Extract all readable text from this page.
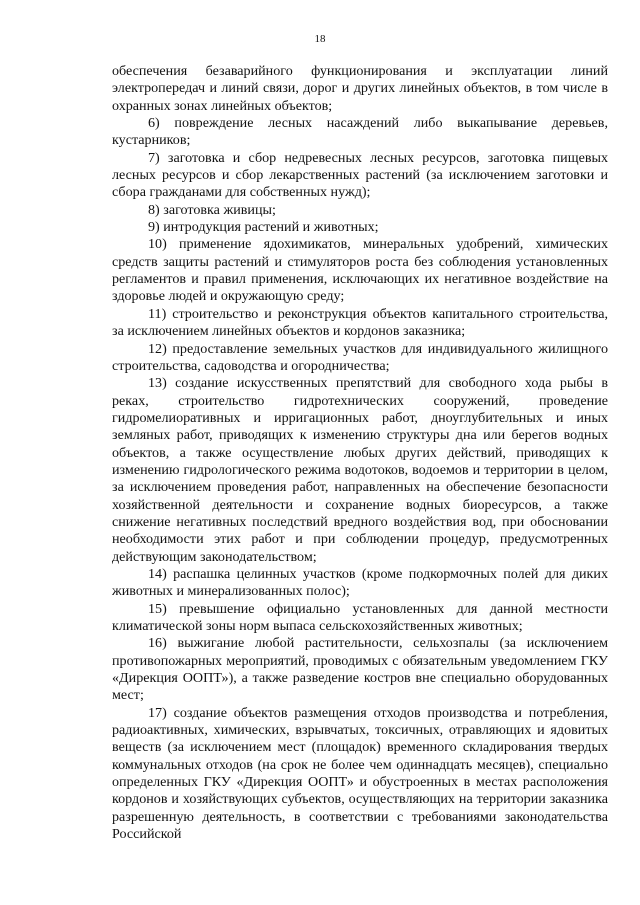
18

обеспечения безаварийного функционирования и эксплуатации линий электропередач и линий связи, дорог и других линейных объектов, в том числе в охранных зонах линейных объектов;

6) повреждение лесных насаждений либо выкапывание деревьев, кустарников;

7) заготовка и сбор недревесных лесных ресурсов, заготовка пищевых лесных ресурсов и сбор лекарственных растений (за исключением заготовки и сбора гражданами для собственных нужд);

8) заготовка живицы;

9) интродукция растений и животных;

10) применение ядохимикатов, минеральных удобрений, химических средств защиты растений и стимуляторов роста без соблюдения установленных регламентов и правил применения, исключающих их негативное воздействие на здоровье людей и окружающую среду;

11) строительство и реконструкция объектов капитального строительства, за исключением линейных объектов и кордонов заказника;

12) предоставление земельных участков для индивидуального жилищного строительства, садоводства и огородничества;

13) создание искусственных препятствий для свободного хода рыбы в реках, строительство гидротехнических сооружений, проведение гидромелиоративных и ирригационных работ, дноуглубительных и иных земляных работ, приводящих к изменению структуры дна или берегов водных объектов, а также осуществление любых других действий, приводящих к изменению гидрологического режима водотоков, водоемов и территории в целом, за исключением проведения работ, направленных на обеспечение безопасности хозяйственной деятельности и сохранение водных биоресурсов, а также снижение негативных последствий вредного воздействия вод, при обосновании необходимости этих работ и при соблюдении процедур, предусмотренных действующим законодательством;

14) распашка целинных участков (кроме подкормочных полей для диких животных и минерализованных полос);

15) превышение официально установленных для данной местности климатической зоны норм выпаса сельскохозяйственных животных;

16) выжигание любой растительности, сельхозпалы (за исключением противопожарных мероприятий, проводимых с обязательным уведомлением ГКУ «Дирекция ООПТ»), а также разведение костров вне специально оборудованных мест;

17) создание объектов размещения отходов производства и потребления, радиоактивных, химических, взрывчатых, токсичных, отравляющих и ядовитых веществ (за исключением мест (площадок) временного складирования твердых коммунальных отходов (на срок не более чем одиннадцать месяцев), специально определенных ГКУ «Дирекция ООПТ» и обустроенных в местах расположения кордонов и хозяйствующих субъектов, осуществляющих на территории заказника разрешенную деятельность, в соответствии с требованиями законодательства Российской
